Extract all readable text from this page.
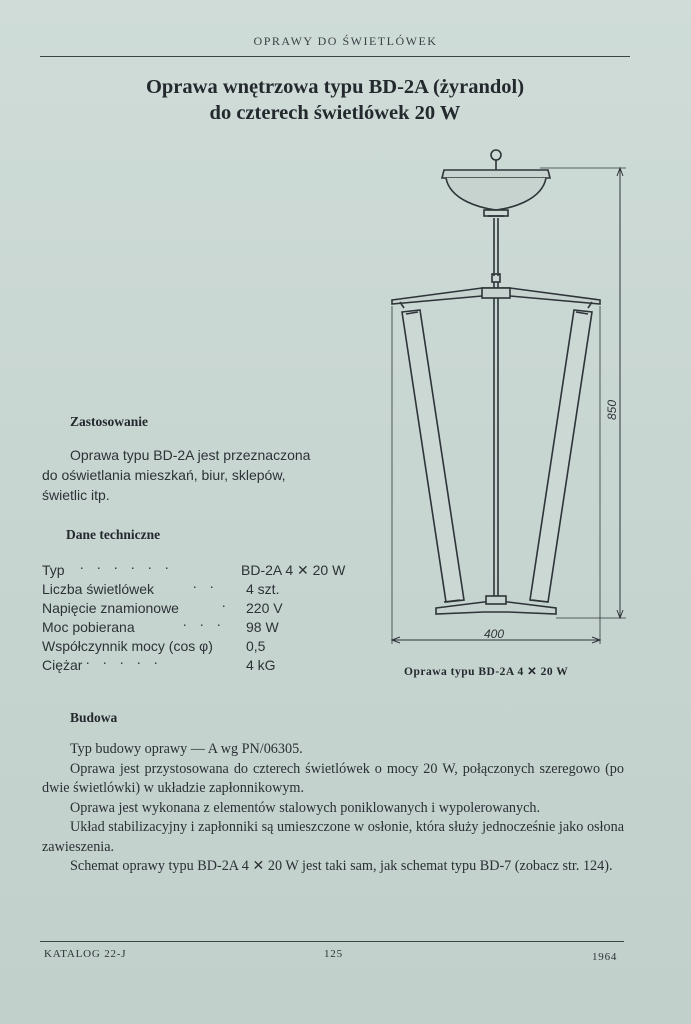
OPRAWY DO ŚWIETLÓWEK
Oprawa wnętrzowa typu BD-2A (żyrandol)
do czterech świetlówek 20 W
Zastosowanie
Oprawa typu BD-2A jest przeznaczona
do oświetlania mieszkań, biur, sklepów,
świetlic itp.
Dane techniczne
Typ . . . . . .	BD-2A 4 ✕ 20 W
Liczba świetlówek	. . 4 szt.
Napięcie znamionowe	. 220 V
Moc pobierana	. . . 98 W
Współczynnik mocy (cos φ) 0,5
Ciężar . . . . .	4 kG
850
400
Oprawa typu BD-2A 4 ✕ 20 W
Budowa

Typ budowy oprawy — A wg PN/06305.

Oprawa jest przystosowana do czterech świetlówek o mocy 20 W, połączonych szeregowo (po dwie świetlówki) w układzie zapłonnikowym.

Oprawa jest wykonana z elementów stalowych poniklowanych i wypolerowanych.

Układ stabilizacyjny i zapłonniki są umieszczone w osłonie, która służy jednocześnie jako osłona zawieszenia.

Schemat oprawy typu BD-2A 4 ✕ 20 W jest taki sam, jak schemat typu BD-7 (zobacz str. 124).

KATALOG 22-J	125	1964
